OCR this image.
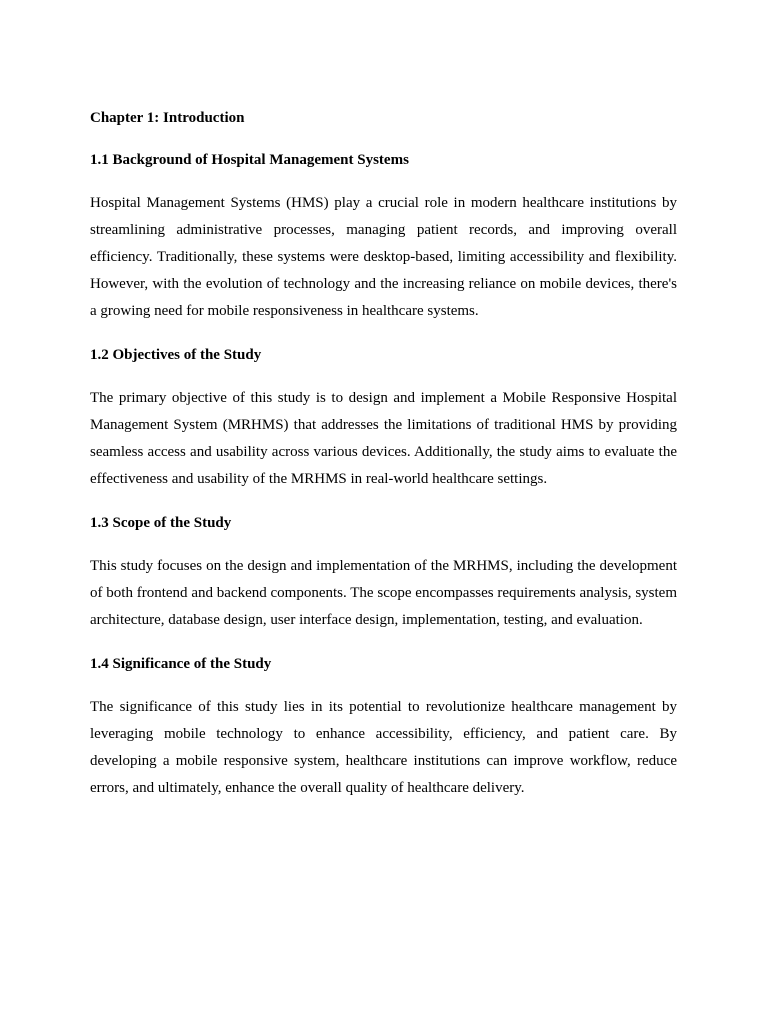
Chapter 1: Introduction

1.1 Background of Hospital Management Systems

Hospital Management Systems (HMS) play a crucial role in modern healthcare institutions by streamlining administrative processes, managing patient records, and improving overall efficiency. Traditionally, these systems were desktop-based, limiting accessibility and flexibility. However, with the evolution of technology and the increasing reliance on mobile devices, there's a growing need for mobile responsiveness in healthcare systems.

1.2 Objectives of the Study

The primary objective of this study is to design and implement a Mobile Responsive Hospital Management System (MRHMS) that addresses the limitations of traditional HMS by providing seamless access and usability across various devices. Additionally, the study aims to evaluate the effectiveness and usability of the MRHMS in real-world healthcare settings.

1.3 Scope of the Study

This study focuses on the design and implementation of the MRHMS, including the development of both frontend and backend components. The scope encompasses requirements analysis, system architecture, database design, user interface design, implementation, testing, and evaluation.

1.4 Significance of the Study

The significance of this study lies in its potential to revolutionize healthcare management by leveraging mobile technology to enhance accessibility, efficiency, and patient care. By developing a mobile responsive system, healthcare institutions can improve workflow, reduce errors, and ultimately, enhance the overall quality of healthcare delivery.
